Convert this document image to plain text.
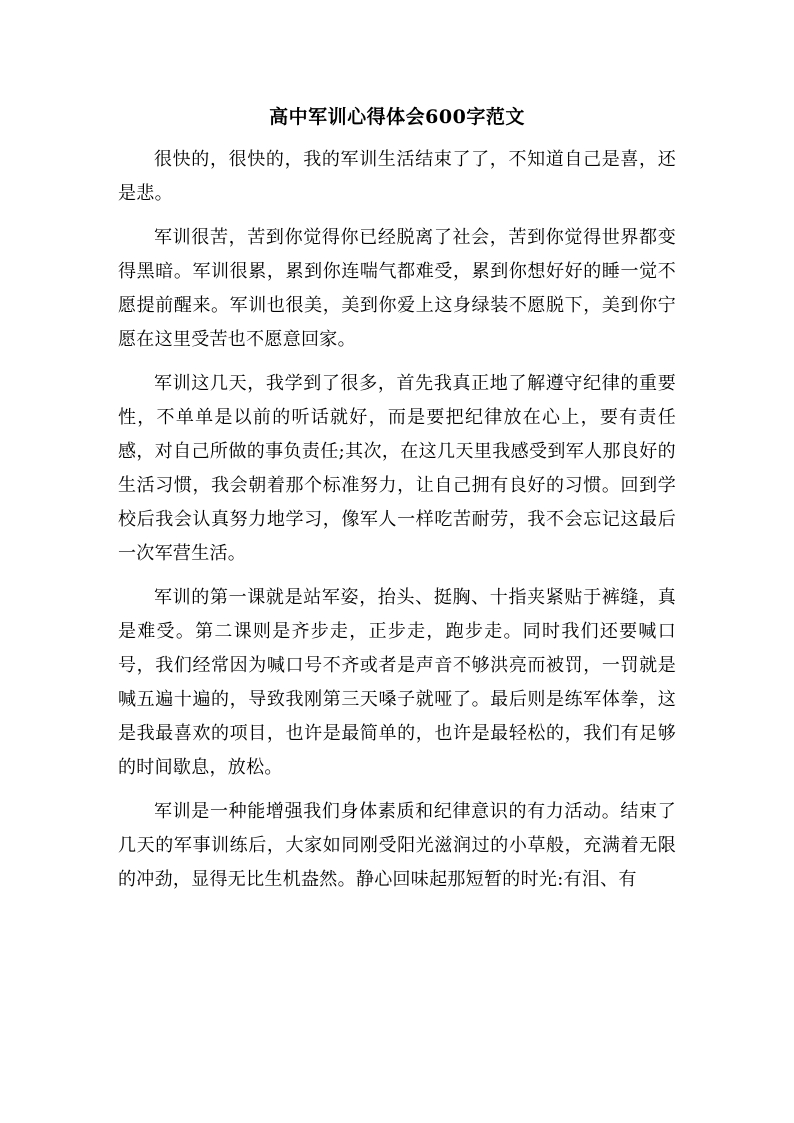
高中军训心得体会600字范文

很快的，很快的，我的军训生活结束了了，不知道自己是喜，还是悲。

军训很苦，苦到你觉得你已经脱离了社会，苦到你觉得世界都变得黑暗。军训很累，累到你连喘气都难受，累到你想好好的睡一觉不愿提前醒来。军训也很美，美到你爱上这身绿装不愿脱下，美到你宁愿在这里受苦也不愿意回家。

军训这几天，我学到了很多，首先我真正地了解遵守纪律的重要性，不单单是以前的听话就好，而是要把纪律放在心上，要有责任感，对自己所做的事负责任;其次，在这几天里我感受到军人那良好的生活习惯，我会朝着那个标准努力，让自己拥有良好的习惯。回到学校后我会认真努力地学习，像军人一样吃苦耐劳，我不会忘记这最后一次军营生活。

军训的第一课就是站军姿，抬头、挺胸、十指夹紧贴于裤缝，真是难受。第二课则是齐步走，正步走，跑步走。同时我们还要喊口号，我们经常因为喊口号不齐或者是声音不够洪亮而被罚，一罚就是喊五遍十遍的，导致我刚第三天嗓子就哑了。最后则是练军体拳，这是我最喜欢的项目，也许是最简单的，也许是最轻松的，我们有足够的时间歇息，放松。

军训是一种能增强我们身体素质和纪律意识的有力活动。结束了几天的军事训练后，大家如同刚受阳光滋润过的小草般，充满着无限的冲劲，显得无比生机盎然。静心回味起那短暂的时光:有泪、有
